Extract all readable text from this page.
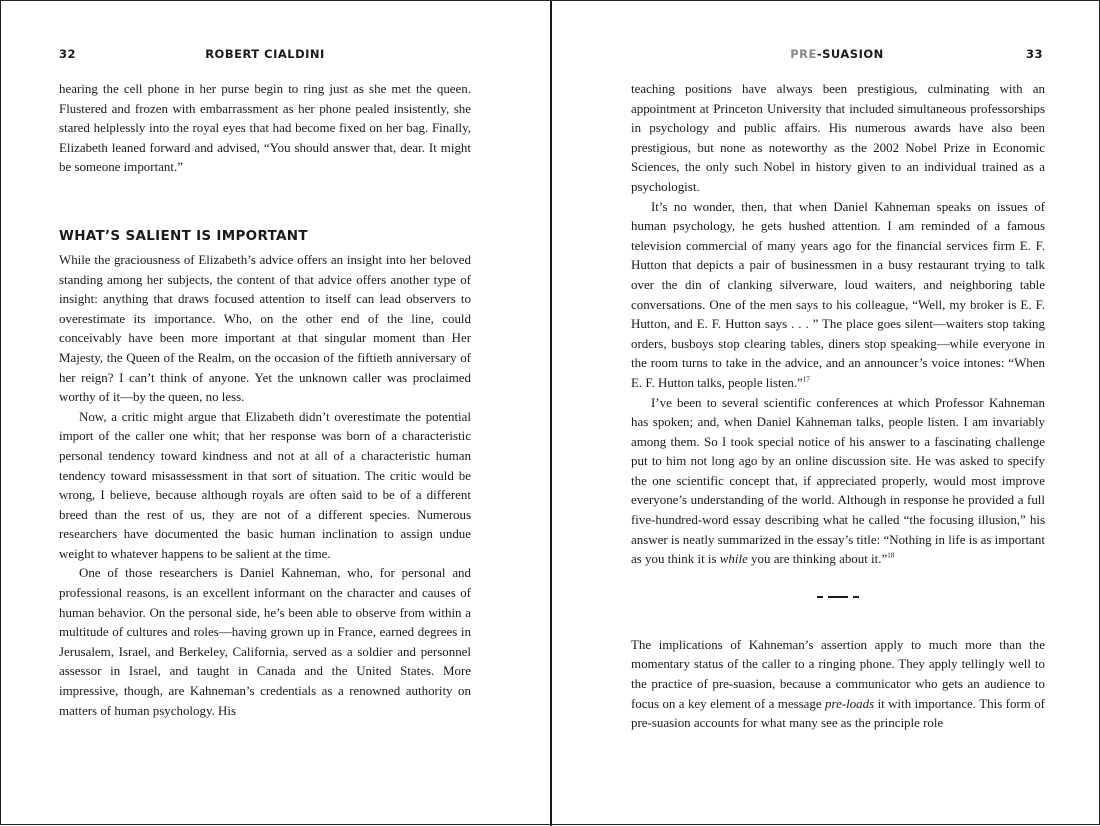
32	ROBERT CIALDINI

hearing the cell phone in her purse begin to ring just as she met the queen. Flustered and frozen with embarrassment as her phone pealed insistently, she stared helplessly into the royal eyes that had become fixed on her bag. Finally, Elizabeth leaned forward and advised, “You should answer that, dear. It might be someone important.”

WHAT’S SALIENT IS IMPORTANT

While the graciousness of Elizabeth’s advice offers an insight into her beloved standing among her subjects, the content of that advice offers another type of insight: anything that draws focused attention to itself can lead observers to overestimate its importance. Who, on the other end of the line, could conceivably have been more important at that singular moment than Her Majesty, the Queen of the Realm, on the occasion of the fiftieth anniversary of her reign? I can’t think of anyone. Yet the unknown caller was proclaimed worthy of it—by the queen, no less.

Now, a critic might argue that Elizabeth didn’t overestimate the potential import of the caller one whit; that her response was born of a characteristic personal tendency toward kindness and not at all of a characteristic human tendency toward misassessment in that sort of situation. The critic would be wrong, I believe, because although royals are often said to be of a different breed than the rest of us, they are not of a different species. Numerous researchers have documented the basic human inclination to assign undue weight to whatever happens to be salient at the time.

One of those researchers is Daniel Kahneman, who, for personal and professional reasons, is an excellent informant on the character and causes of human behavior. On the personal side, he’s been able to observe from within a multitude of cultures and roles—having grown up in France, earned degrees in Jerusalem, Israel, and Berkeley, California, served as a soldier and personnel assessor in Israel, and taught in Canada and the United States. More impressive, though, are Kahneman’s credentials as a renowned authority on matters of human psychology. His

PRE-SUASION	33

teaching positions have always been prestigious, culminating with an appointment at Princeton University that included simultaneous professorships in psychology and public affairs. His numerous awards have also been prestigious, but none as noteworthy as the 2002 Nobel Prize in Economic Sciences, the only such Nobel in history given to an individual trained as a psychologist.

It’s no wonder, then, that when Daniel Kahneman speaks on issues of human psychology, he gets hushed attention. I am reminded of a famous television commercial of many years ago for the financial services firm E. F. Hutton that depicts a pair of businessmen in a busy restaurant trying to talk over the din of clanking silverware, loud waiters, and neighboring table conversations. One of the men says to his colleague, “Well, my broker is E. F. Hutton, and E. F. Hutton says . . . ” The place goes silent—waiters stop taking orders, busboys stop clearing tables, diners stop speaking—while everyone in the room turns to take in the advice, and an announcer’s voice intones: “When E. F. Hutton talks, people listen.”$^{17}$

I’ve been to several scientific conferences at which Professor Kahneman has spoken; and, when Daniel Kahneman talks, people listen. I am invariably among them. So I took special notice of his answer to a fascinating challenge put to him not long ago by an online discussion site. He was asked to specify the one scientific concept that, if appreciated properly, would most improve everyone’s understanding of the world. Although in response he provided a full five-hundred-word essay describing what he called “the focusing illusion,” his answer is neatly summarized in the essay’s title: “Nothing in life is as important as you think it is while you are thinking about it.”$^{18}$

The implications of Kahneman’s assertion apply to much more than the momentary status of the caller to a ringing phone. They apply tellingly well to the practice of pre-suasion, because a communicator who gets an audience to focus on a key element of a message pre-loads it with importance. This form of pre-suasion accounts for what many see as the principle role
